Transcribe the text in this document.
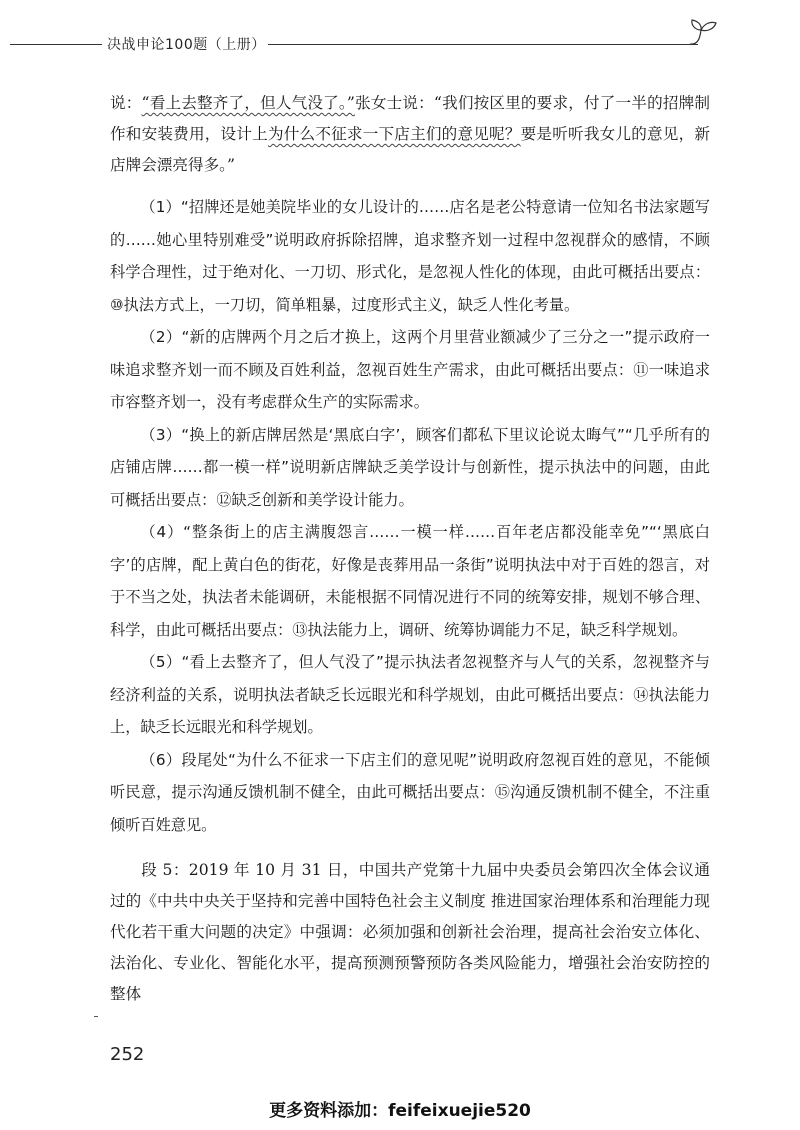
决战申论100题（上册）

说：“看上去整齐了，但人气没了。”张女士说：“我们按区里的要求，付了一半的招牌制作和安装费用，设计上为什么不征求一下店主们的意见呢？要是听听我女儿的意见，新店牌会漂亮得多。”

（1）“招牌还是她美院毕业的女儿设计的……店名是老公特意请一位知名书法家题写的……她心里特别难受”说明政府拆除招牌，追求整齐划一过程中忽视群众的感情，不顾科学合理性，过于绝对化、一刀切、形式化，是忽视人性化的体现，由此可概括出要点：⑩执法方式上，一刀切，简单粗暴，过度形式主义，缺乏人性化考量。

（2）“新的店牌两个月之后才换上，这两个月里营业额减少了三分之一”提示政府一味追求整齐划一而不顾及百姓利益，忽视百姓生产需求，由此可概括出要点：⑪一味追求市容整齐划一，没有考虑群众生产的实际需求。

（3）“换上的新店牌居然是‘黑底白字’，顾客们都私下里议论说太晦气”“几乎所有的店铺店牌……都一模一样”说明新店牌缺乏美学设计与创新性，提示执法中的问题，由此可概括出要点：⑫缺乏创新和美学设计能力。

（4）“整条街上的店主满腹怨言……一模一样……百年老店都没能幸免”“‘黑底白字’的店牌，配上黄白色的街花，好像是丧葬用品一条街”说明执法中对于百姓的怨言，对于不当之处，执法者未能调研，未能根据不同情况进行不同的统筹安排，规划不够合理、科学，由此可概括出要点：⑬执法能力上，调研、统筹协调能力不足，缺乏科学规划。

（5）“看上去整齐了，但人气没了”提示执法者忽视整齐与人气的关系，忽视整齐与经济利益的关系，说明执法者缺乏长远眼光和科学规划，由此可概括出要点：⑭执法能力上，缺乏长远眼光和科学规划。

（6）段尾处“为什么不征求一下店主们的意见呢”说明政府忽视百姓的意见，不能倾听民意，提示沟通反馈机制不健全，由此可概括出要点：⑮沟通反馈机制不健全，不注重倾听百姓意见。

段 5：2019 年 10 月 31 日，中国共产党第十九届中央委员会第四次全体会议通过的《中共中央关于坚持和完善中国特色社会主义制度 推进国家治理体系和治理能力现代化若干重大问题的决定》中强调：必须加强和创新社会治理，提高社会治安立体化、法治化、专业化、智能化水平，提高预测预警预防各类风险能力，增强社会治安防控的整体

252
更多资料添加：feifeixuejie520
